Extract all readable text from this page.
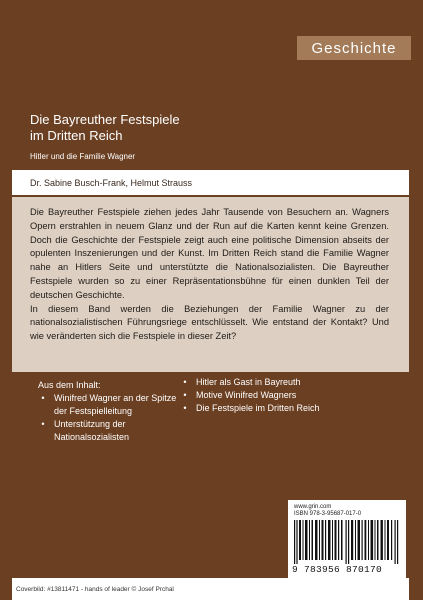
Geschichte
Die Bayreuther Festspiele
im Dritten Reich
Hitler und die Familie Wagner
Dr. Sabine Busch-Frank, Helmut Strauss

Die Bayreuther Festspiele ziehen jedes Jahr Tausende von Besuchern an. Wagners Opern erstrahlen in neuem Glanz und der Run auf die Karten kennt keine Grenzen. Doch die Geschichte der Festspiele zeigt auch eine politische Dimension abseits der opulenten Inszenierungen und der Kunst. Im Dritten Reich stand die Familie Wagner nahe an Hitlers Seite und unterstützte die Nationalsozialisten. Die Bayreuther Festspiele wurden so zu einer Repräsentationsbühne für einen dunklen Teil der deutschen Geschichte.

In diesem Band werden die Beziehungen der Familie Wagner zu der nationalsozialistischen Führungsriege entschlüsselt. Wie entstand der Kontakt? Und wie veränderten sich die Festspiele in dieser Zeit?

Aus dem Inhalt:
•	Winifred Wagner an der Spitze der Festspielleitung
•	Unterstützung der Nationalsozialisten
•	Hitler als Gast in Bayreuth
•	Motive Winifred Wagners
•	Die Festspiele im Dritten Reich
www.grin.com
ISBN 978-3-95687-017-0
9 783956 870170
Coverbild: #13811471 - hands of leader © Josef Prchal
